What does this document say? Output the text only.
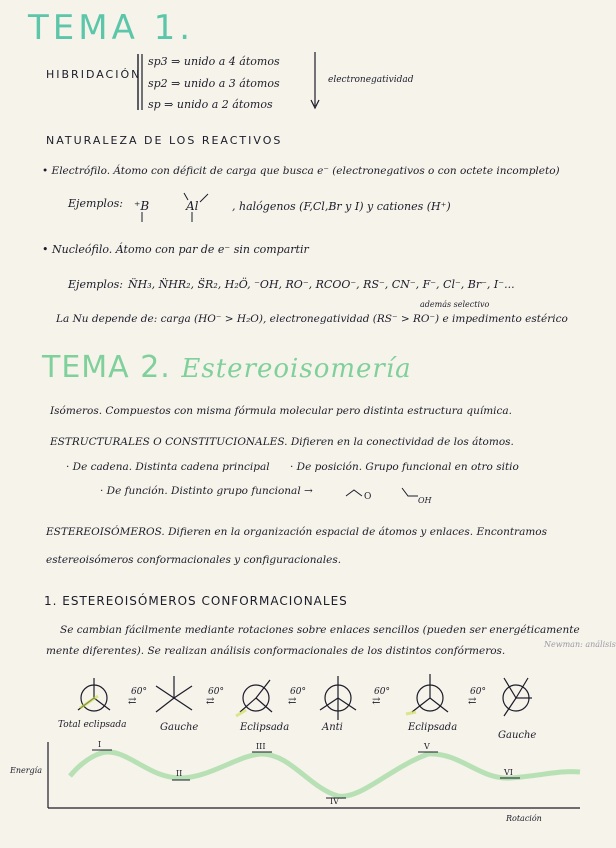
TEMA 1.
HIBRIDACIÓN
sp3 ⇒ unido a 4 átomos
sp2 ⇒ unido a 3 átomos
sp ⇒ unido a 2 átomos
electronegatividad
NATURALEZA DE LOS REACTIVOS
• Electrófilo. Átomo con déficit de carga que busca e⁻ (electronegativos o con octete incompleto)
Ejemplos: ⁺B	Al	, halógenos (F,Cl,Br y I) y cationes (H⁺)
• Nucleófilo. Átomo con par de e⁻ sin compartir
Ejemplos: N̈H₃, N̈HR₂, S̈R₂, H₂Ö, ⁻OH, RO⁻, RCOO⁻, RS⁻, CN⁻, F⁻, Cl⁻, Br⁻, I⁻...
además selectivo
La Nu depende de: carga (HO⁻ > H₂O), electronegatividad (RS⁻ > RO⁻) e impedimento estérico
TEMA 2. Estereoisomería
Isómeros. Compuestos con misma fórmula molecular pero distinta estructura química.
ESTRUCTURALES O CONSTITUCIONALES. Difieren en la conectividad de los átomos.
· De cadena. Distinta cadena principal · De posición. Grupo funcional en otro sitio
· De función. Distinto grupo funcional →	O	OH
ESTEREOISÓMEROS. Difieren en la organización espacial de átomos y enlaces. Encontramos
estereoisómeros conformacionales y configuracionales.
1. ESTEREOISÓMEROS CONFORMACIONALES
Se cambian fácilmente mediante rotaciones sobre enlaces sencillos (pueden ser energéticamente
mente diferentes). Se realizan análisis conformacionales de los distintos confórmeros.
Newman: análisis
60°
⇄
60°
⇄
60°
⇄
60°
⇄
60°
⇄
Total eclipsada	Gauche	Eclipsada	Anti	Eclipsada
Gauche
Energía
Rotación
I
II
III
IV
V
VI
